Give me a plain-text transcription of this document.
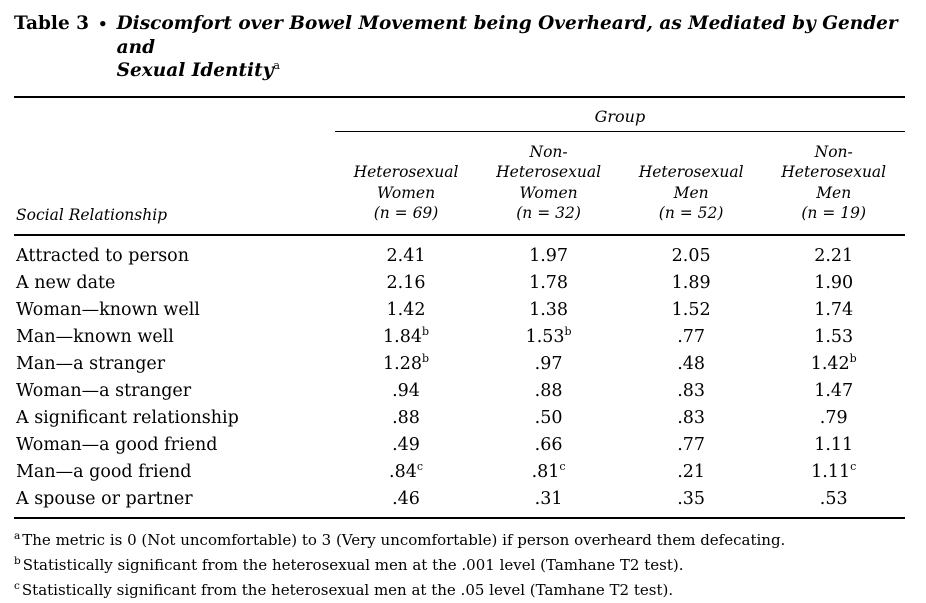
Table 3 • Discomfort over Bowel Movement being Overheard, as Mediated by Gender and
Sexual Identity$^a$
	Group			
Social Relationship	
Heterosexual
Women
(n = 69)

Non-Heterosexual
Women
(n = 32)

Heterosexual
Men
(n = 52)

Non-Heterosexual
Men
(n = 19)

Attracted to person	2.41	1.97	2.05	2.21
A new date	2.16	1.78	1.89	1.90
Woman—known well	1.42	1.38	1.52	1.74
Man—known well	1.84$^b$	1.53$^b$	.77	1.53
Man—a stranger	1.28$^b$	.97	.48	1.42$^b$
Woman—a stranger	.94	.88	.83	1.47
A significant relationship	.88	.50	.83	.79
Woman—a good friend	.49	.66	.77	1.11
Man—a good friend	.84$^c$	.81$^c$	.21	1.11$^c$
A spouse or partner	.46	.31	.35	.53
$^a$ The metric is 0 (Not uncomfortable) to 3 (Very uncomfortable) if person overheard them defecating.
$^b$ Statistically significant from the heterosexual men at the .001 level (Tamhane T2 test).
$^c$ Statistically significant from the heterosexual men at the .05 level (Tamhane T2 test).
